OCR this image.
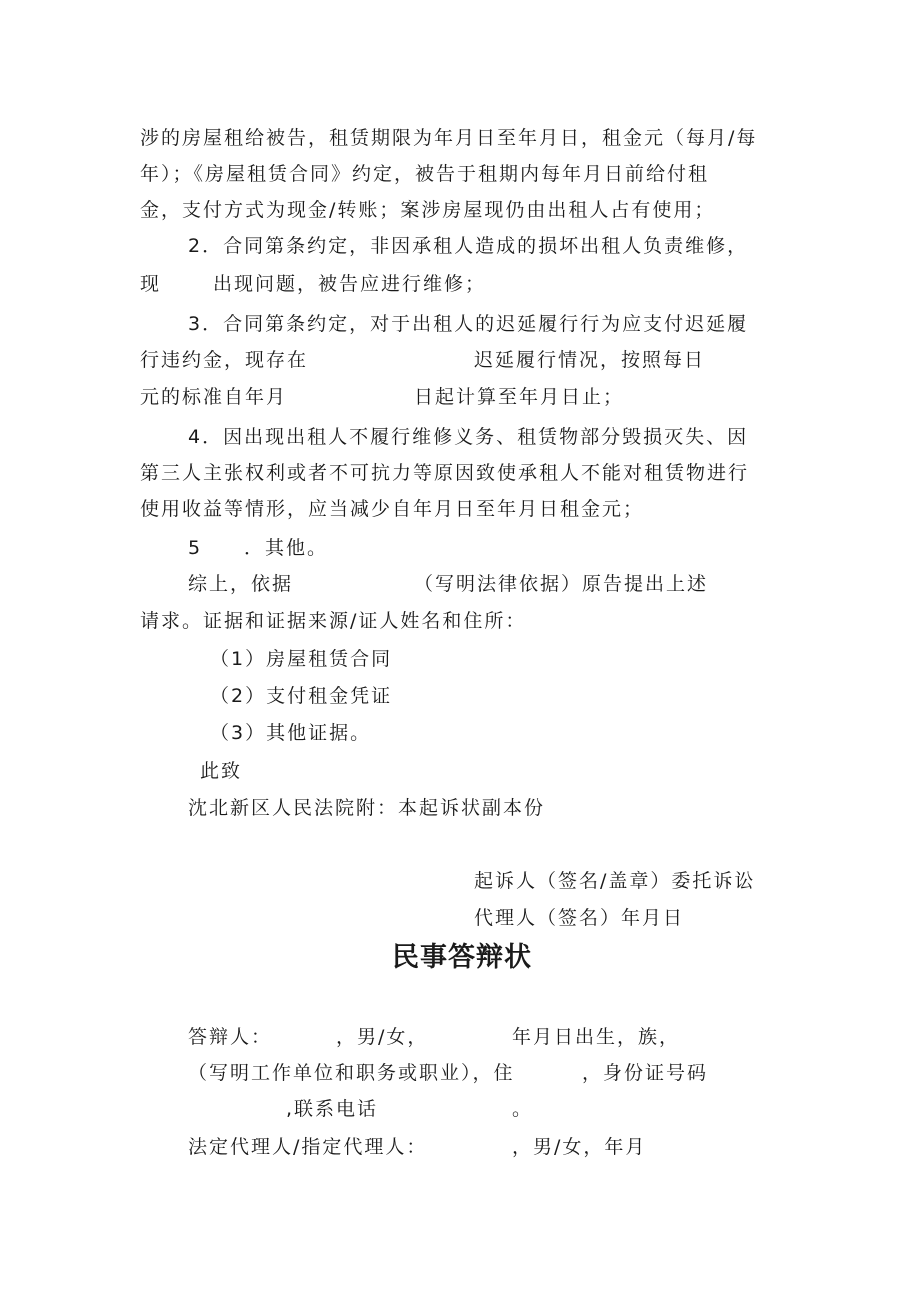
涉的房屋租给被告，租赁期限为年月日至年月日，租金元（每月/每
年）；《房屋租赁合同》约定，被告于租期内每年月日前给付租
金，支付方式为现金/转账；案涉房屋现仍由出租人占有使用；
2．合同第条约定，非因承租人造成的损坏出租人负责维修，
现	出现问题，被告应进行维修；
3．合同第条约定，对于出租人的迟延履行行为应支付迟延履
行违约金，现存在	迟延履行情况，按照每日
元的标准自年月	日起计算至年月日止；
4．因出现出租人不履行维修义务、租赁物部分毁损灭失、因
第三人主张权利或者不可抗力等原因致使承租人不能对租赁物进行
使用收益等情形，应当减少自年月日至年月日租金元；
5 ．其他。
综上，依据	（写明法律依据）原告提出上述
请求。证据和证据来源/证人姓名和住所：
（1）房屋租赁合同
（2）支付租金凭证
（3）其他证据。
此致
沈北新区人民法院附：本起诉状副本份
起诉人（签名/盖章）委托诉讼
代理人（签名）年月日
民事答辩状
答辩人：	，男/女，	年月日出生，族，
（写明工作单位和职务或职业），住	，身份证号码
,联系电话	。
法定代理人/指定代理人：	，男/女，年月
